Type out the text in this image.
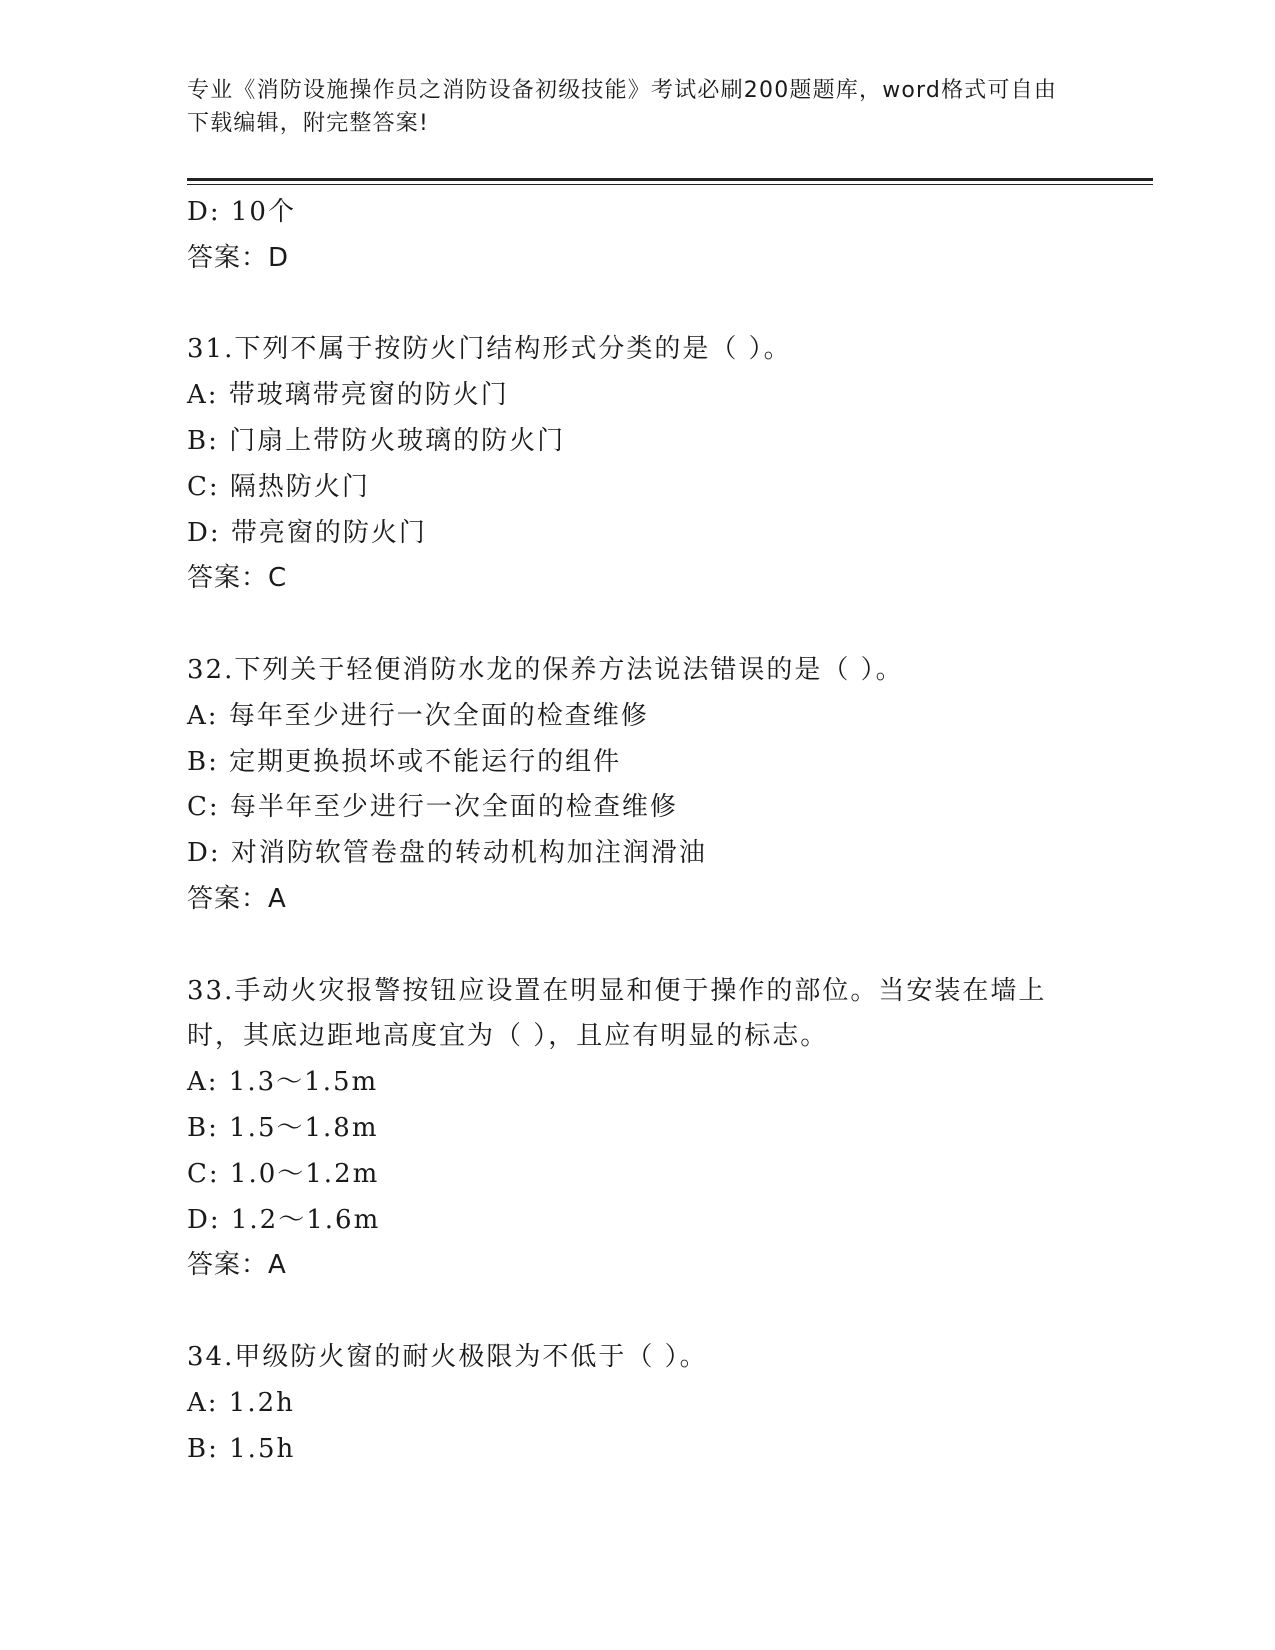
专业《消防设施操作员之消防设备初级技能》考试必刷200题题库，word格式可自由下载编辑，附完整答案!
D: 10个
答案：D
31.下列不属于按防火门结构形式分类的是（ ）。
A: 带玻璃带亮窗的防火门
B: 门扇上带防火玻璃的防火门
C: 隔热防火门
D: 带亮窗的防火门
答案：C
32.下列关于轻便消防水龙的保养方法说法错误的是（ ）。
A: 每年至少进行一次全面的检查维修
B: 定期更换损坏或不能运行的组件
C: 每半年至少进行一次全面的检查维修
D: 对消防软管卷盘的转动机构加注润滑油
答案：A
33.手动火灾报警按钮应设置在明显和便于操作的部位。当安装在墙上
时，其底边距地高度宜为（ ），且应有明显的标志。
A: 1.3～1.5m
B: 1.5～1.8m
C: 1.0～1.2m
D: 1.2～1.6m
答案：A
34.甲级防火窗的耐火极限为不低于（ ）。
A: 1.2h
B: 1.5h
